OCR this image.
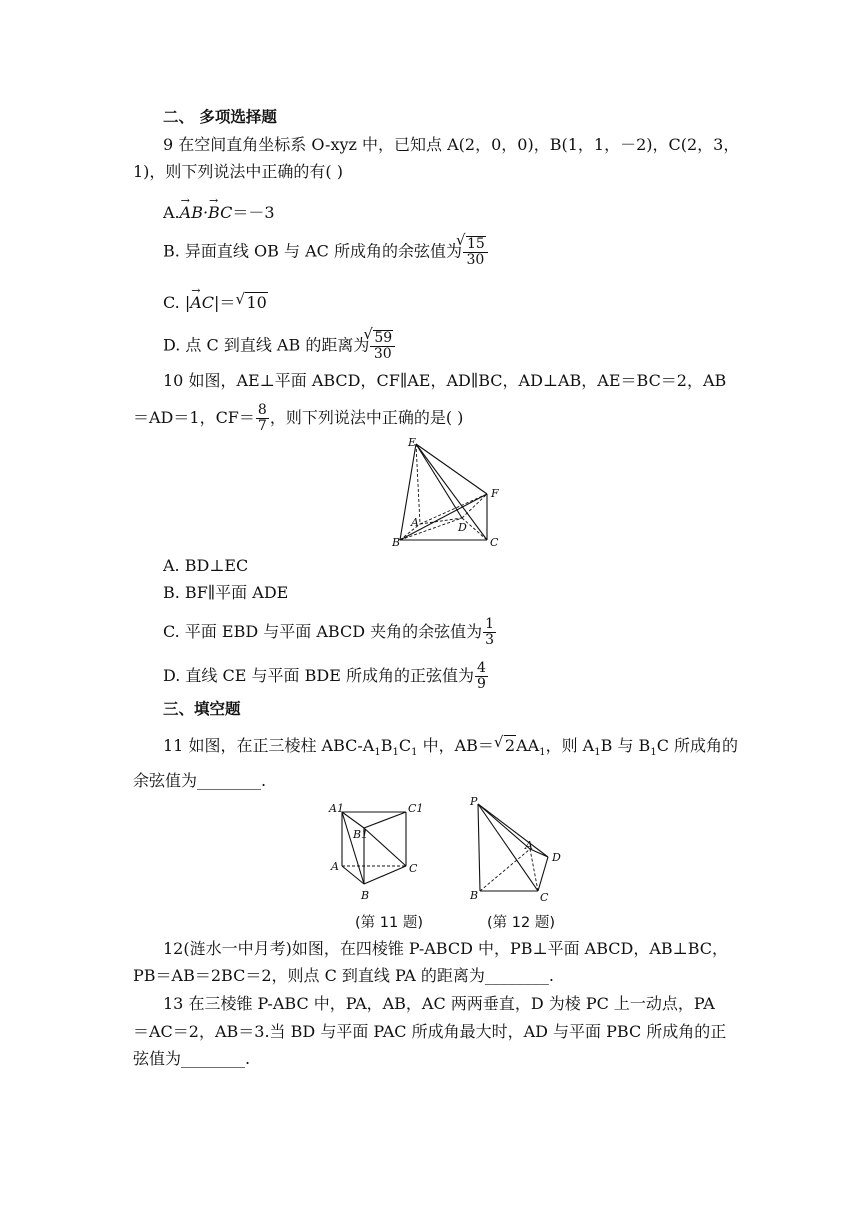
二、 多项选择题
9 在空间直角坐标系 O-xyz 中，已知点 A(2，0，0)，B(1，1，－2)，C(2，3，
1)，则下列说法中正确的有( )
A.AB →·BC →＝－3
B. 异面直线 OB 与 AC 所成角的余弦值为 √ $\frac{15}{30}$
C. |AC →|＝ √ 10
D. 点 C 到直线 AB 的距离为 √ $\frac{59}{30}$
10 如图，AE⊥平面 ABCD，CF∥AE，AD∥BC，AD⊥AB，AE＝BC＝2，AB
＝AD＝1，$CF= \frac{8}{7}$ ，则下列说法中正确的是( )
E
F
A	D
B	C
A. BD⊥EC
B. BF∥平面 ADE
C. 平面 EBD 与平面 ABCD 夹角的余弦值为 $\frac{1}{3}$
D. 直线 CE 与平面 BDE 所成角的正弦值为 $\frac{4}{9}$
三、填空题
11 如图，在正三棱柱 ABC-$A_1B_1C_1$ 中，AB＝ √ $2AA_1$，则 $A_1B$ 与 $B_1C$ 所成角的
余弦值为________.
A1	C1
B1
A	C
B
P
A
D
B	C
(第 11 题)	(第 12 题)
12(涟水一中月考)如图，在四棱锥 P-ABCD 中，PB⊥平面 ABCD，AB⊥BC，
PB＝AB＝2BC＝2，则点 C 到直线 PA 的距离为________.
13 在三棱锥 P-ABC 中，PA，AB，AC 两两垂直，D 为棱 PC 上一动点，PA
＝AC＝2，AB＝3.当 BD 与平面 PAC 所成角最大时，AD 与平面 PBC 所成角的正
弦值为________.
